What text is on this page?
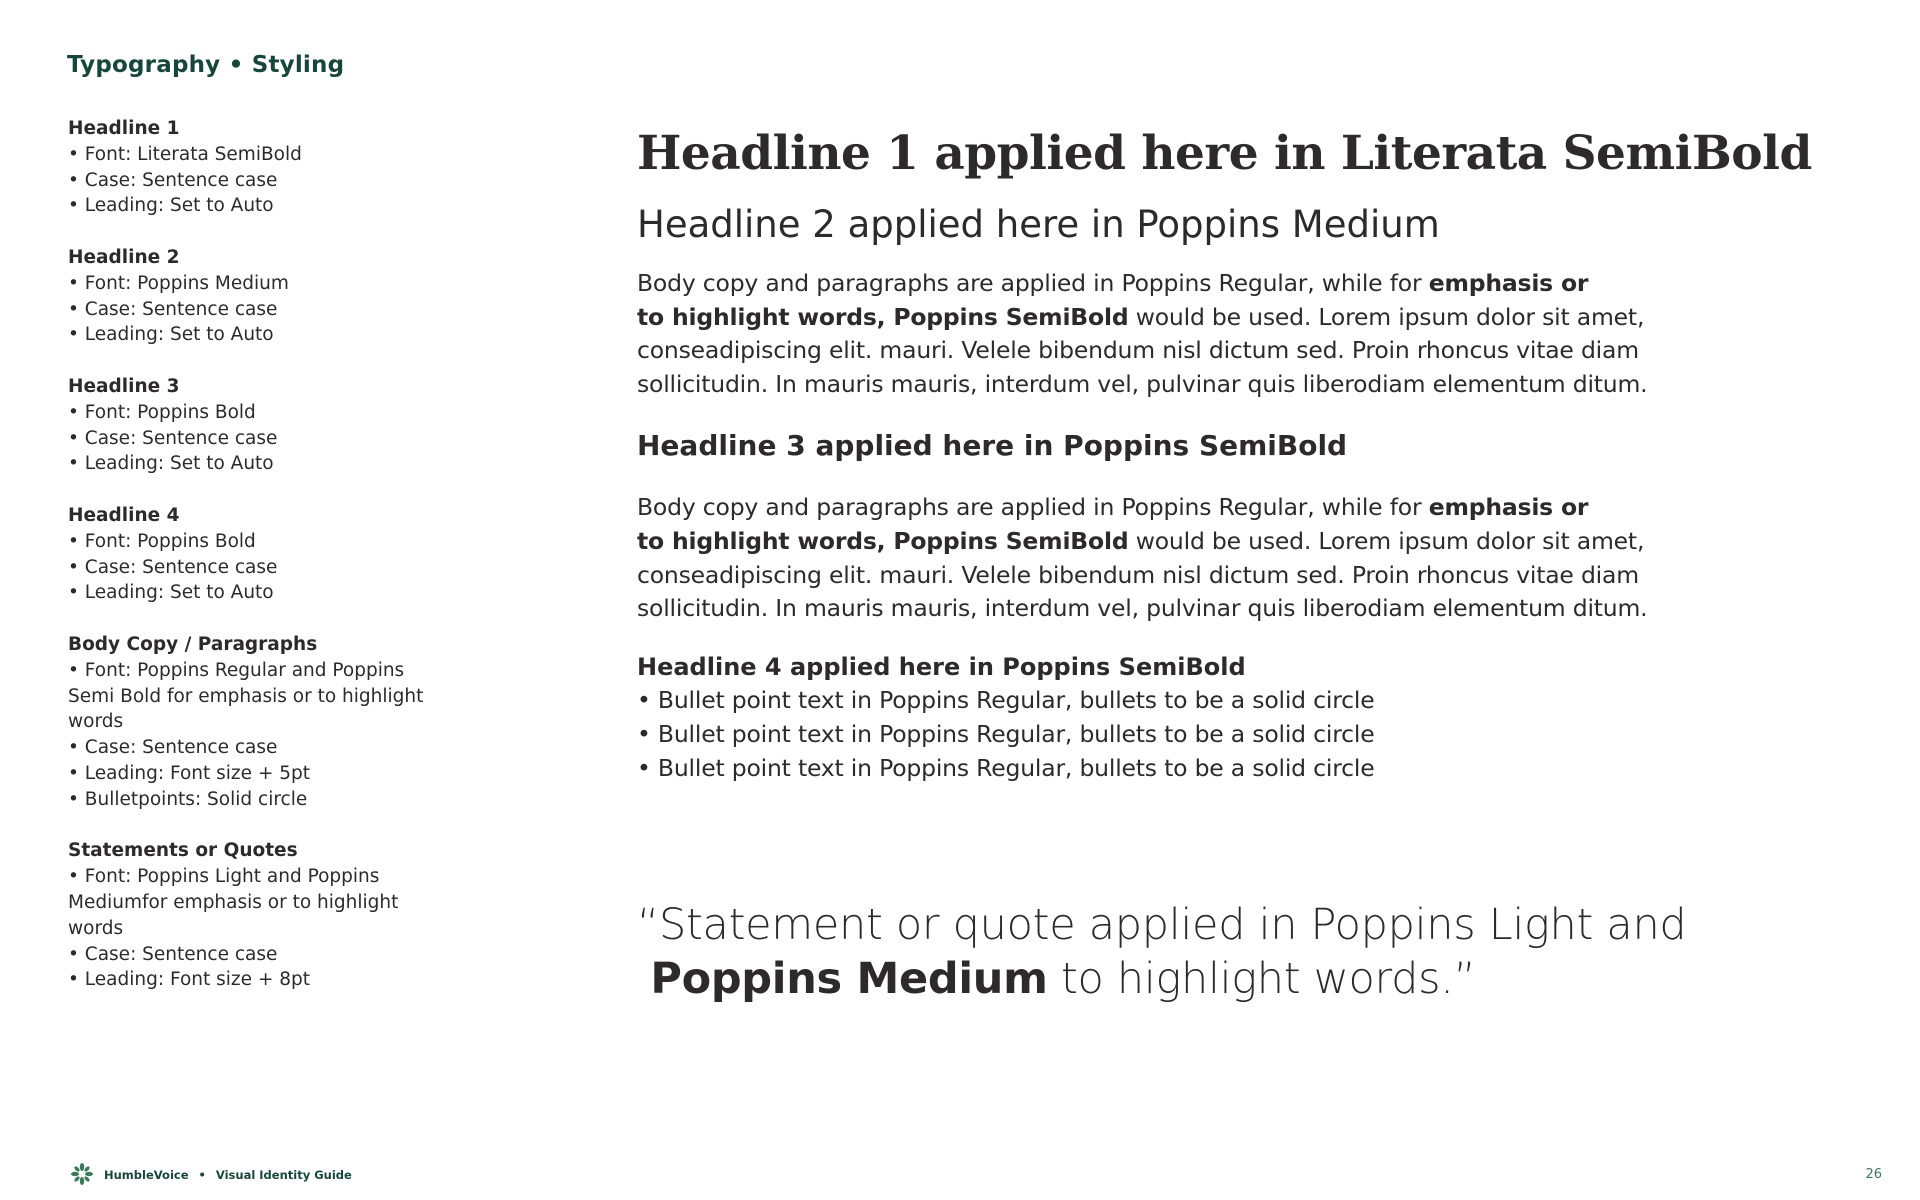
Typography • Styling
Headline 1
• Font: Literata SemiBold
• Case: Sentence case
• Leading: Set to Auto
Headline 2
• Font: Poppins Medium
• Case: Sentence case
• Leading: Set to Auto
Headline 3
• Font: Poppins Bold
• Case: Sentence case
• Leading: Set to Auto
Headline 4
• Font: Poppins Bold
• Case: Sentence case
• Leading: Set to Auto
Body Copy / Paragraphs
• Font: Poppins Regular and Poppins
Semi Bold for emphasis or to highlight
words
• Case: Sentence case
• Leading: Font size + 5pt
• Bulletpoints: Solid circle
Statements or Quotes
• Font: Poppins Light and Poppins
Mediumfor emphasis or to highlight
words
• Case: Sentence case
• Leading: Font size + 8pt
Headline 1 applied here in Literata SemiBold
Headline 2 applied here in Poppins Medium

Body copy and paragraphs are applied in Poppins Regular, while for emphasis or
to highlight words, Poppins SemiBold would be used. Lorem ipsum dolor sit amet,
conseadipiscing elit. mauri. Velele bibendum nisl dictum sed. Proin rhoncus vitae diam
sollicitudin. In mauris mauris, interdum vel, pulvinar quis liberodiam elementum ditum.

Headline 3 applied here in Poppins SemiBold

Body copy and paragraphs are applied in Poppins Regular, while for emphasis or
to highlight words, Poppins SemiBold would be used. Lorem ipsum dolor sit amet,
conseadipiscing elit. mauri. Velele bibendum nisl dictum sed. Proin rhoncus vitae diam
sollicitudin. In mauris mauris, interdum vel, pulvinar quis liberodiam elementum ditum.

Headline 4 applied here in Poppins SemiBold
• Bullet point text in Poppins Regular, bullets to be a solid circle
• Bullet point text in Poppins Regular, bullets to be a solid circle
• Bullet point text in Poppins Regular, bullets to be a solid circle
“Statement or quote applied in Poppins Light and
Poppins Medium to highlight words.”
HumbleVoice • Visual Identity Guide	26
